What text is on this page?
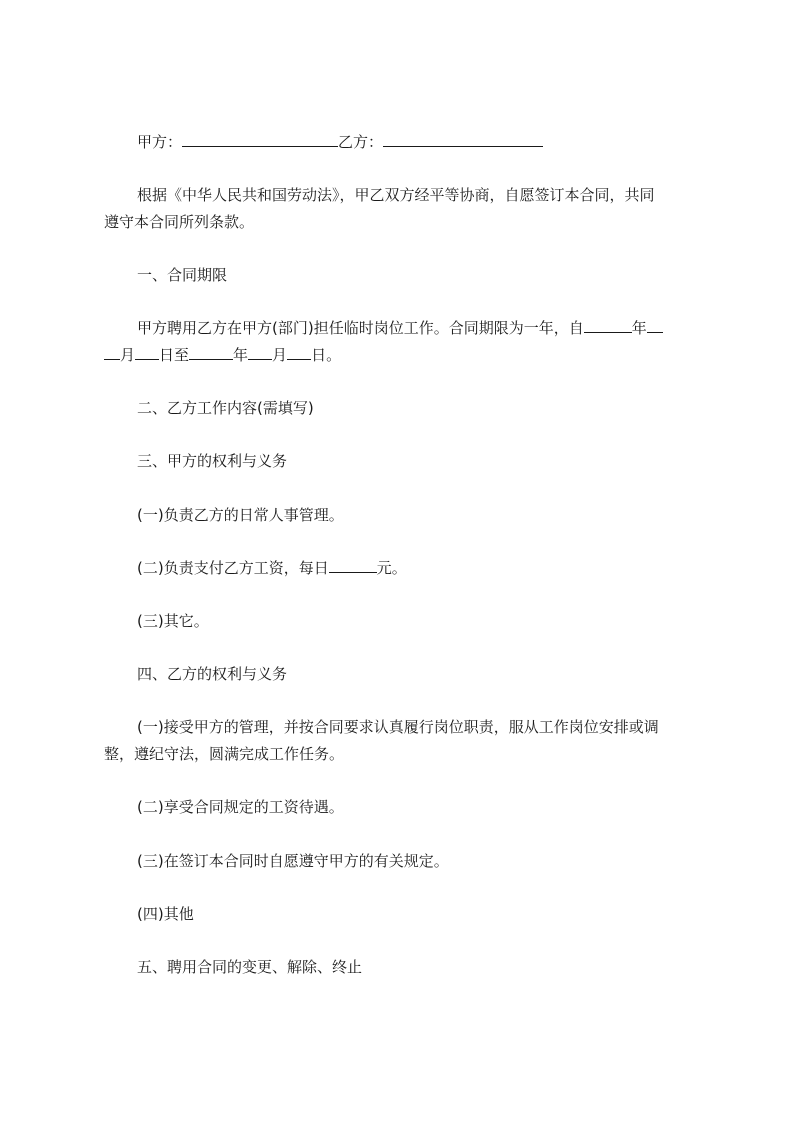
甲方：	乙方：
根据《中华人民共和国劳动法》，甲乙双方经平等协商，自愿签订本合同，共同
遵守本合同所列条款。
一、合同期限
甲方聘用乙方在甲方(部门)担任临时岗位工作。合同期限为一年，自	年
月 日至	年 月 日。
二、乙方工作内容(需填写)
三、甲方的权利与义务
(一)负责乙方的日常人事管理。
(二)负责支付乙方工资，每日	元。
(三)其它。
四、乙方的权利与义务
(一)接受甲方的管理，并按合同要求认真履行岗位职责，服从工作岗位安排或调
整，遵纪守法，圆满完成工作任务。
(二)享受合同规定的工资待遇。
(三)在签订本合同时自愿遵守甲方的有关规定。
(四)其他
五、聘用合同的变更、解除、终止
